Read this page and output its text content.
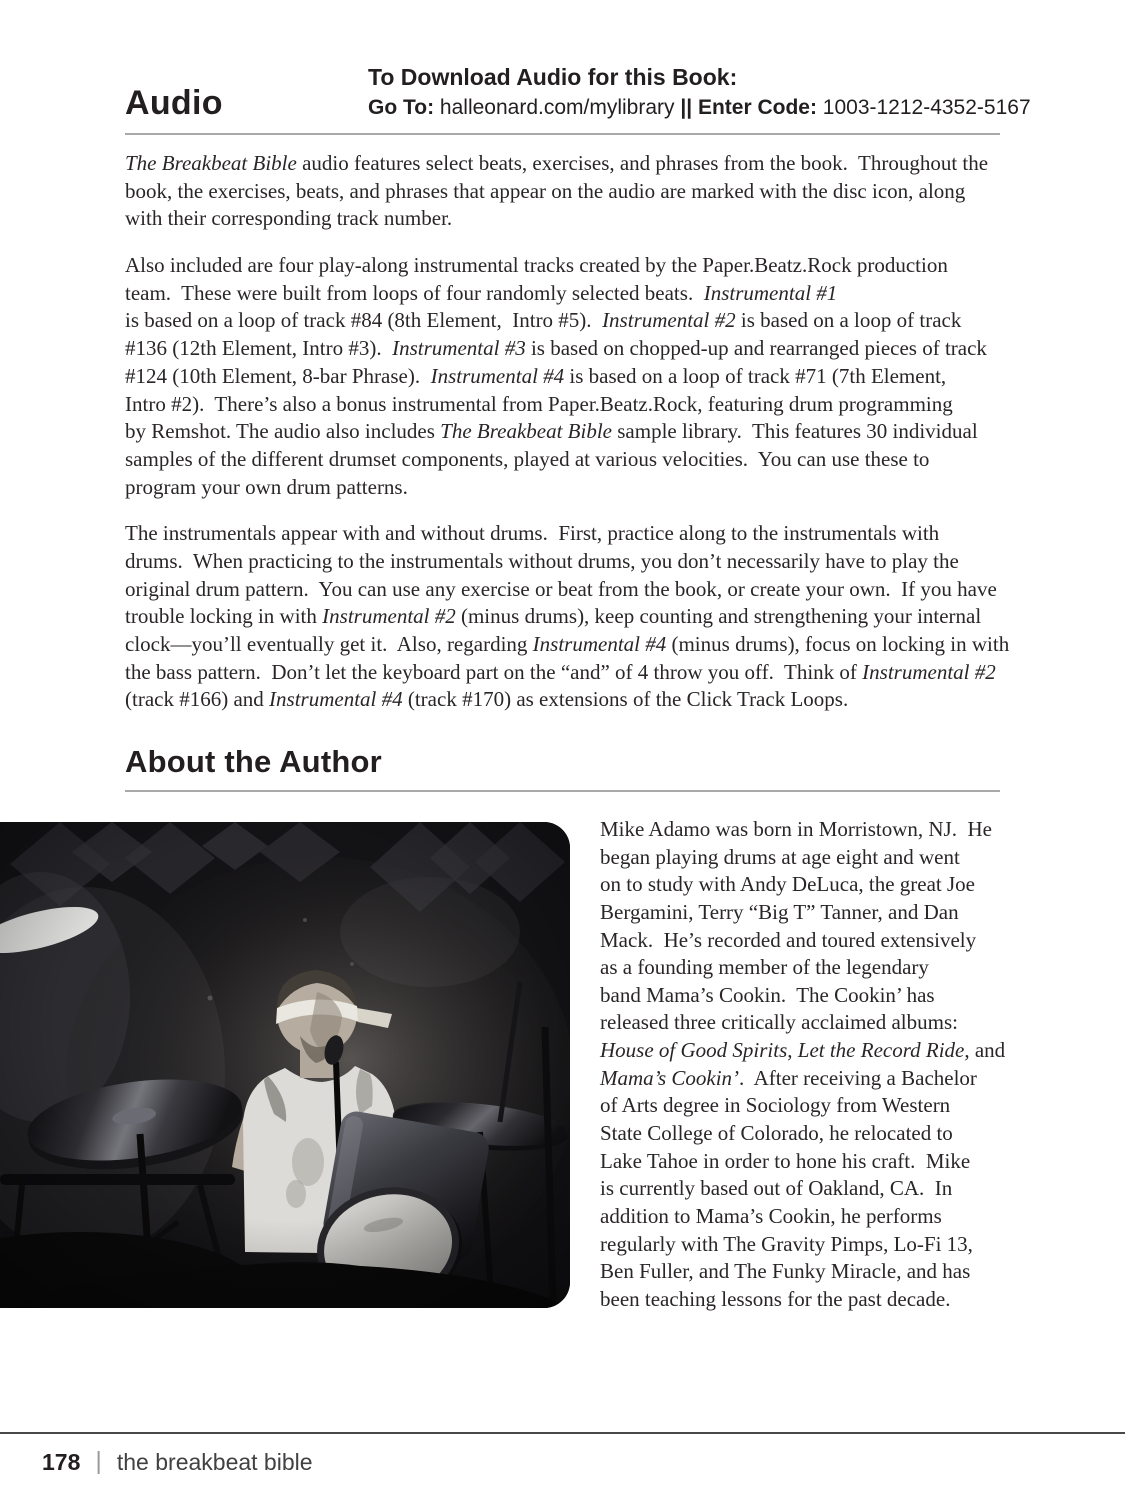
Audio
To Download Audio for this Book:
Go To: halleonard.com/mylibrary || Enter Code: 1003-1212-4352-5167
The Breakbeat Bible audio features select beats, exercises, and phrases from the book.  Throughout the
book, the exercises, beats, and phrases that appear on the audio are marked with the disc icon, along
with their corresponding track number.
Also included are four play-along instrumental tracks created by the Paper.Beatz.Rock production
team.  These were built from loops of four randomly selected beats.  Instrumental #1
is based on a loop of track #84 (8th Element,  Intro #5).  Instrumental #2 is based on a loop of track
#136 (12th Element, Intro #3).  Instrumental #3 is based on chopped-up and rearranged pieces of track
#124 (10th Element, 8-bar Phrase).  Instrumental #4 is based on a loop of track #71 (7th Element,
Intro #2).  There’s also a bonus instrumental from Paper.Beatz.Rock, featuring drum programming
by Remshot. The audio also includes The Breakbeat Bible sample library.  This features 30 individual
samples of the different drumset components, played at various velocities.  You can use these to
program your own drum patterns.
The instrumentals appear with and without drums.  First, practice along to the instrumentals with
drums.  When practicing to the instrumentals without drums, you don’t necessarily have to play the
original drum pattern.  You can use any exercise or beat from the book, or create your own.  If you have
trouble locking in with Instrumental #2 (minus drums), keep counting and strengthening your internal
clock—you’ll eventually get it.  Also, regarding Instrumental #4 (minus drums), focus on locking in with
the bass pattern.  Don’t let the keyboard part on the “and” of 4 throw you off.  Think of Instrumental #2
(track #166) and Instrumental #4 (track #170) as extensions of the Click Track Loops.
About the Author
Mike Adamo was born in Morristown, NJ.  He
began playing drums at age eight and went
on to study with Andy DeLuca, the great Joe
Bergamini, Terry “Big T” Tanner, and Dan
Mack.  He’s recorded and toured extensively
as a founding member of the legendary
band Mama’s Cookin.  The Cookin’ has
released three critically acclaimed albums:
House of Good Spirits, Let the Record Ride, and
Mama’s Cookin’.  After receiving a Bachelor
of Arts degree in Sociology from Western
State College of Colorado, he relocated to
Lake Tahoe in order to hone his craft.  Mike
is currently based out of Oakland, CA.  In
addition to Mama’s Cookin, he performs
regularly with The Gravity Pimps, Lo-Fi 13,
Ben Fuller, and The Funky Miracle, and has
been teaching lessons for the past decade.
178 | the breakbeat bible
